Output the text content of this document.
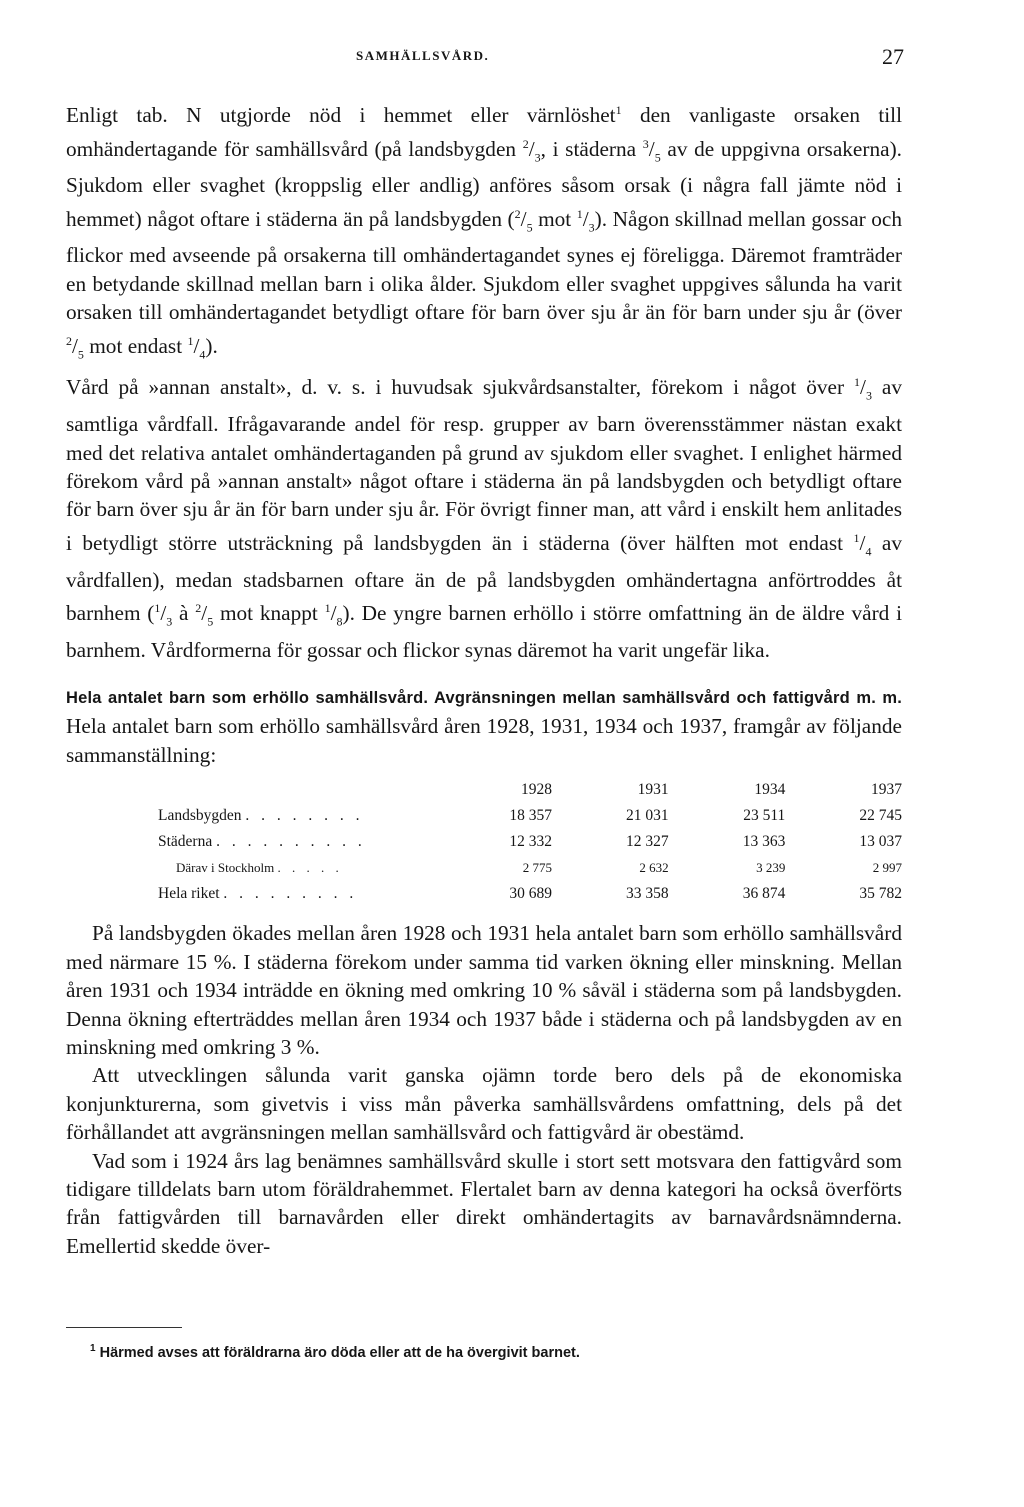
SAMHÄLLSVÅRD.	27

Enligt tab. N utgjorde nöd i hemmet eller värnlöshet$^1$ den vanligaste orsaken till omhändertagande för samhällsvård (på landsbygden $^2/_3$, i städerna $^3/_5$ av de uppgivna orsakerna). Sjukdom eller svaghet (kroppslig eller andlig) anföres såsom orsak (i några fall jämte nöd i hemmet) något oftare i städerna än på landsbygden ($^2/_5$ mot $^1/_3$). Någon skillnad mellan gossar och flickor med avseende på orsakerna till omhändertagandet synes ej föreligga. Däremot framträder en betydande skillnad mellan barn i olika ålder. Sjukdom eller svaghet uppgives sålunda ha varit orsaken till omhändertagandet betydligt oftare för barn över sju år än för barn under sju år (över $^2/_5$ mot endast $^1/_4$).

Vård på »annan anstalt», d. v. s. i huvudsak sjukvårdsanstalter, förekom i något över $^1/_3$ av samtliga vårdfall. Ifrågavarande andel för resp. grupper av barn överensstämmer nästan exakt med det relativa antalet omhändertaganden på grund av sjukdom eller svaghet. I enlighet härmed förekom vård på »annan anstalt» något oftare i städerna än på landsbygden och betydligt oftare för barn över sju år än för barn under sju år. För övrigt finner man, att vård i enskilt hem anlitades i betydligt större utsträckning på landsbygden än i städerna (över hälften mot endast $^1/_4$ av vårdfallen), medan stadsbarnen oftare än de på landsbygden omhändertagna anförtroddes åt barnhem ($^1/_3$ à $^2/_5$ mot knappt $^1/_8$). De yngre barnen erhöllo i större omfattning än de äldre vård i barnhem. Vårdformerna för gossar och flickor synas däremot ha varit ungefär lika.

Hela antalet barn som erhöllo samhällsvård. Avgränsningen mellan samhällsvård och fattigvård m. m. Hela antalet barn som erhöllo samhällsvård åren 1928, 1931, 1934 och 1937, framgår av följande sammanställning:

	1928	1931	1934	1937
Landsbygden . . . . . . . .	18 357	21 031	23 511	22 745
Städerna . . . . . . . . . .	12 332	12 327	13 363	13 037
Därav i Stockholm . . . . .	2 775	2 632	3 239	2 997
Hela riket . . . . . . . . .	30 689	33 358	36 874	35 782

På landsbygden ökades mellan åren 1928 och 1931 hela antalet barn som erhöllo samhällsvård med närmare 15 %. I städerna förekom under samma tid varken ökning eller minskning. Mellan åren 1931 och 1934 inträdde en ökning med omkring 10 % såväl i städerna som på landsbygden. Denna ökning efterträddes mellan åren 1934 och 1937 både i städerna och på landsbygden av en minskning med omkring 3 %.

Att utvecklingen sålunda varit ganska ojämn torde bero dels på de ekonomiska konjunkturerna, som givetvis i viss mån påverka samhällsvårdens omfattning, dels på det förhållandet att avgränsningen mellan samhällsvård och fattigvård är obestämd.

Vad som i 1924 års lag benämnes samhällsvård skulle i stort sett motsvara den fattigvård som tidigare tilldelats barn utom föräldrahemmet. Flertalet barn av denna kategori ha också överförts från fattigvården till barnavården eller direkt omhändertagits av barnavårdsnämnderna. Emellertid skedde över-

$^1$ Härmed avses att föräldrarna äro döda eller att de ha övergivit barnet.
